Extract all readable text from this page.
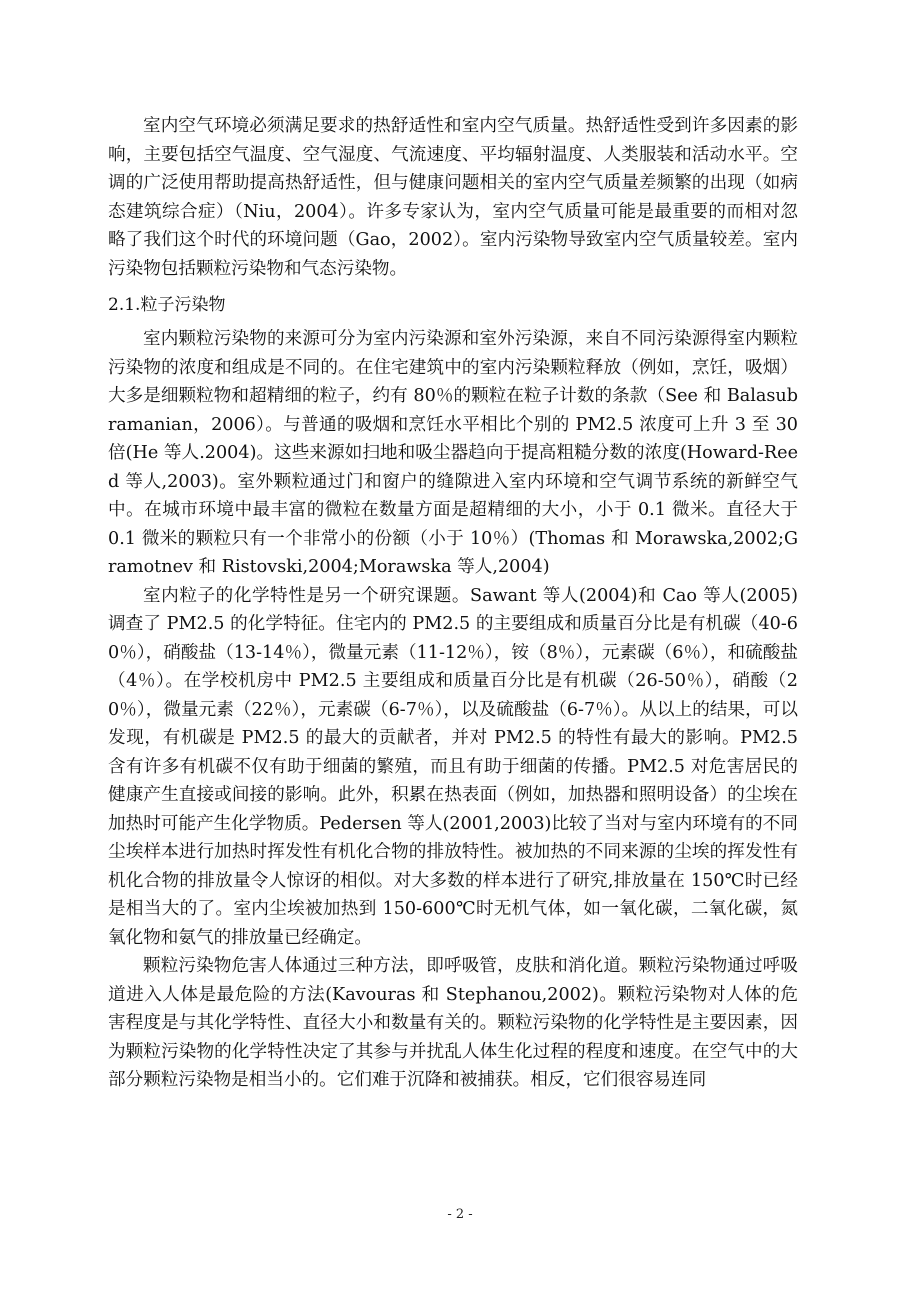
室内空气环境必须满足要求的热舒适性和室内空气质量。热舒适性受到许多因素的影响，主要包括空气温度、空气湿度、气流速度、平均辐射温度、人类服装和活动水平。空调的广泛使用帮助提高热舒适性，但与健康问题相关的室内空气质量差频繁的出现（如病态建筑综合症）（Niu，2004）。许多专家认为，室内空气质量可能是最重要的而相对忽略了我们这个时代的环境问题（Gao，2002）。室内污染物导致室内空气质量较差。室内污染物包括颗粒污染物和气态污染物。

2.1.粒子污染物

室内颗粒污染物的来源可分为室内污染源和室外污染源，来自不同污染源得室内颗粒污染物的浓度和组成是不同的。在住宅建筑中的室内污染颗粒释放（例如，烹饪，吸烟）大多是细颗粒物和超精细的粒子，约有 80％的颗粒在粒子计数的条款（See 和 Balasubramanian，2006）。与普通的吸烟和烹饪水平相比个别的 PM2.5 浓度可上升 3 至 30 倍(He 等人.2004)。这些来源如扫地和吸尘器趋向于提高粗糙分数的浓度(Howard-Reed 等人,2003)。室外颗粒通过门和窗户的缝隙进入室内环境和空气调节系统的新鲜空气中。在城市环境中最丰富的微粒在数量方面是超精细的大小，小于 0.1 微米。直径大于 0.1 微米的颗粒只有一个非常小的份额（小于 10％）(Thomas 和 Morawska,2002;Gramotnev 和 Ristovski,2004;Morawska 等人,2004)

室内粒子的化学特性是另一个研究课题。Sawant 等人(2004)和 Cao 等人(2005)调查了 PM2.5 的化学特征。住宅内的 PM2.5 的主要组成和质量百分比是有机碳（40-60％），硝酸盐（13-14％），微量元素（11-12％），铵（8％），元素碳（6％），和硫酸盐（4％）。在学校机房中 PM2.5 主要组成和质量百分比是有机碳（26-50％），硝酸（20％），微量元素（22％），元素碳（6-7％），以及硫酸盐（6-7％）。从以上的结果，可以发现，有机碳是 PM2.5 的最大的贡献者，并对 PM2.5 的特性有最大的影响。PM2.5 含有许多有机碳不仅有助于细菌的繁殖，而且有助于细菌的传播。PM2.5 对危害居民的健康产生直接或间接的影响。此外，积累在热表面（例如，加热器和照明设备）的尘埃在加热时可能产生化学物质。Pedersen 等人(2001,2003)比较了当对与室内环境有的不同尘埃样本进行加热时挥发性有机化合物的排放特性。被加热的不同来源的尘埃的挥发性有机化合物的排放量令人惊讶的相似。对大多数的样本进行了研究,排放量在 150℃时已经是相当大的了。室内尘埃被加热到 150-600℃时无机气体，如一氧化碳，二氧化碳，氮氧化物和氨气的排放量已经确定。

颗粒污染物危害人体通过三种方法，即呼吸管，皮肤和消化道。颗粒污染物通过呼吸道进入人体是最危险的方法(Kavouras 和 Stephanou,2002)。颗粒污染物对人体的危害程度是与其化学特性、直径大小和数量有关的。颗粒污染物的化学特性是主要因素，因为颗粒污染物的化学特性决定了其参与并扰乱人体生化过程的程度和速度。在空气中的大部分颗粒污染物是相当小的。它们难于沉降和被捕获。相反，它们很容易连同

- 2 -
